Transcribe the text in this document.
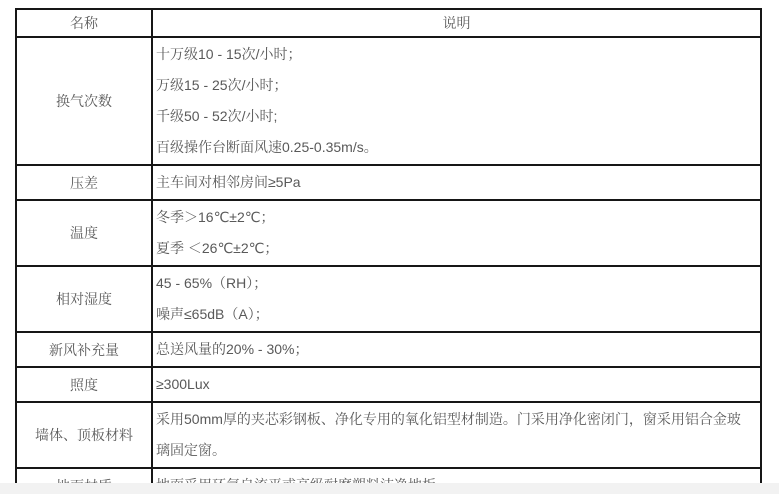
名称	说明
换气次数	十万级10 - 15次/小时；
万级15 - 25次/小时；
千级50 - 52次/小时;
百级操作台断面风速0.25-0.35m/s。

压差	主车间对相邻房间≥5Pa

温度	冬季＞16℃±2℃；
夏季 ＜26℃±2℃；

相对湿度	45 - 65%（RH）；
噪声≤65dB（A）；

新风补充量	总送风量的20% - 30%；

照度	≥300Lux

墙体、顶板材料	采用50mm厚的夹芯彩钢板、净化专用的氧化铝型材制造。门采用净化密闭门，窗采用铝合金玻璃固定窗。
